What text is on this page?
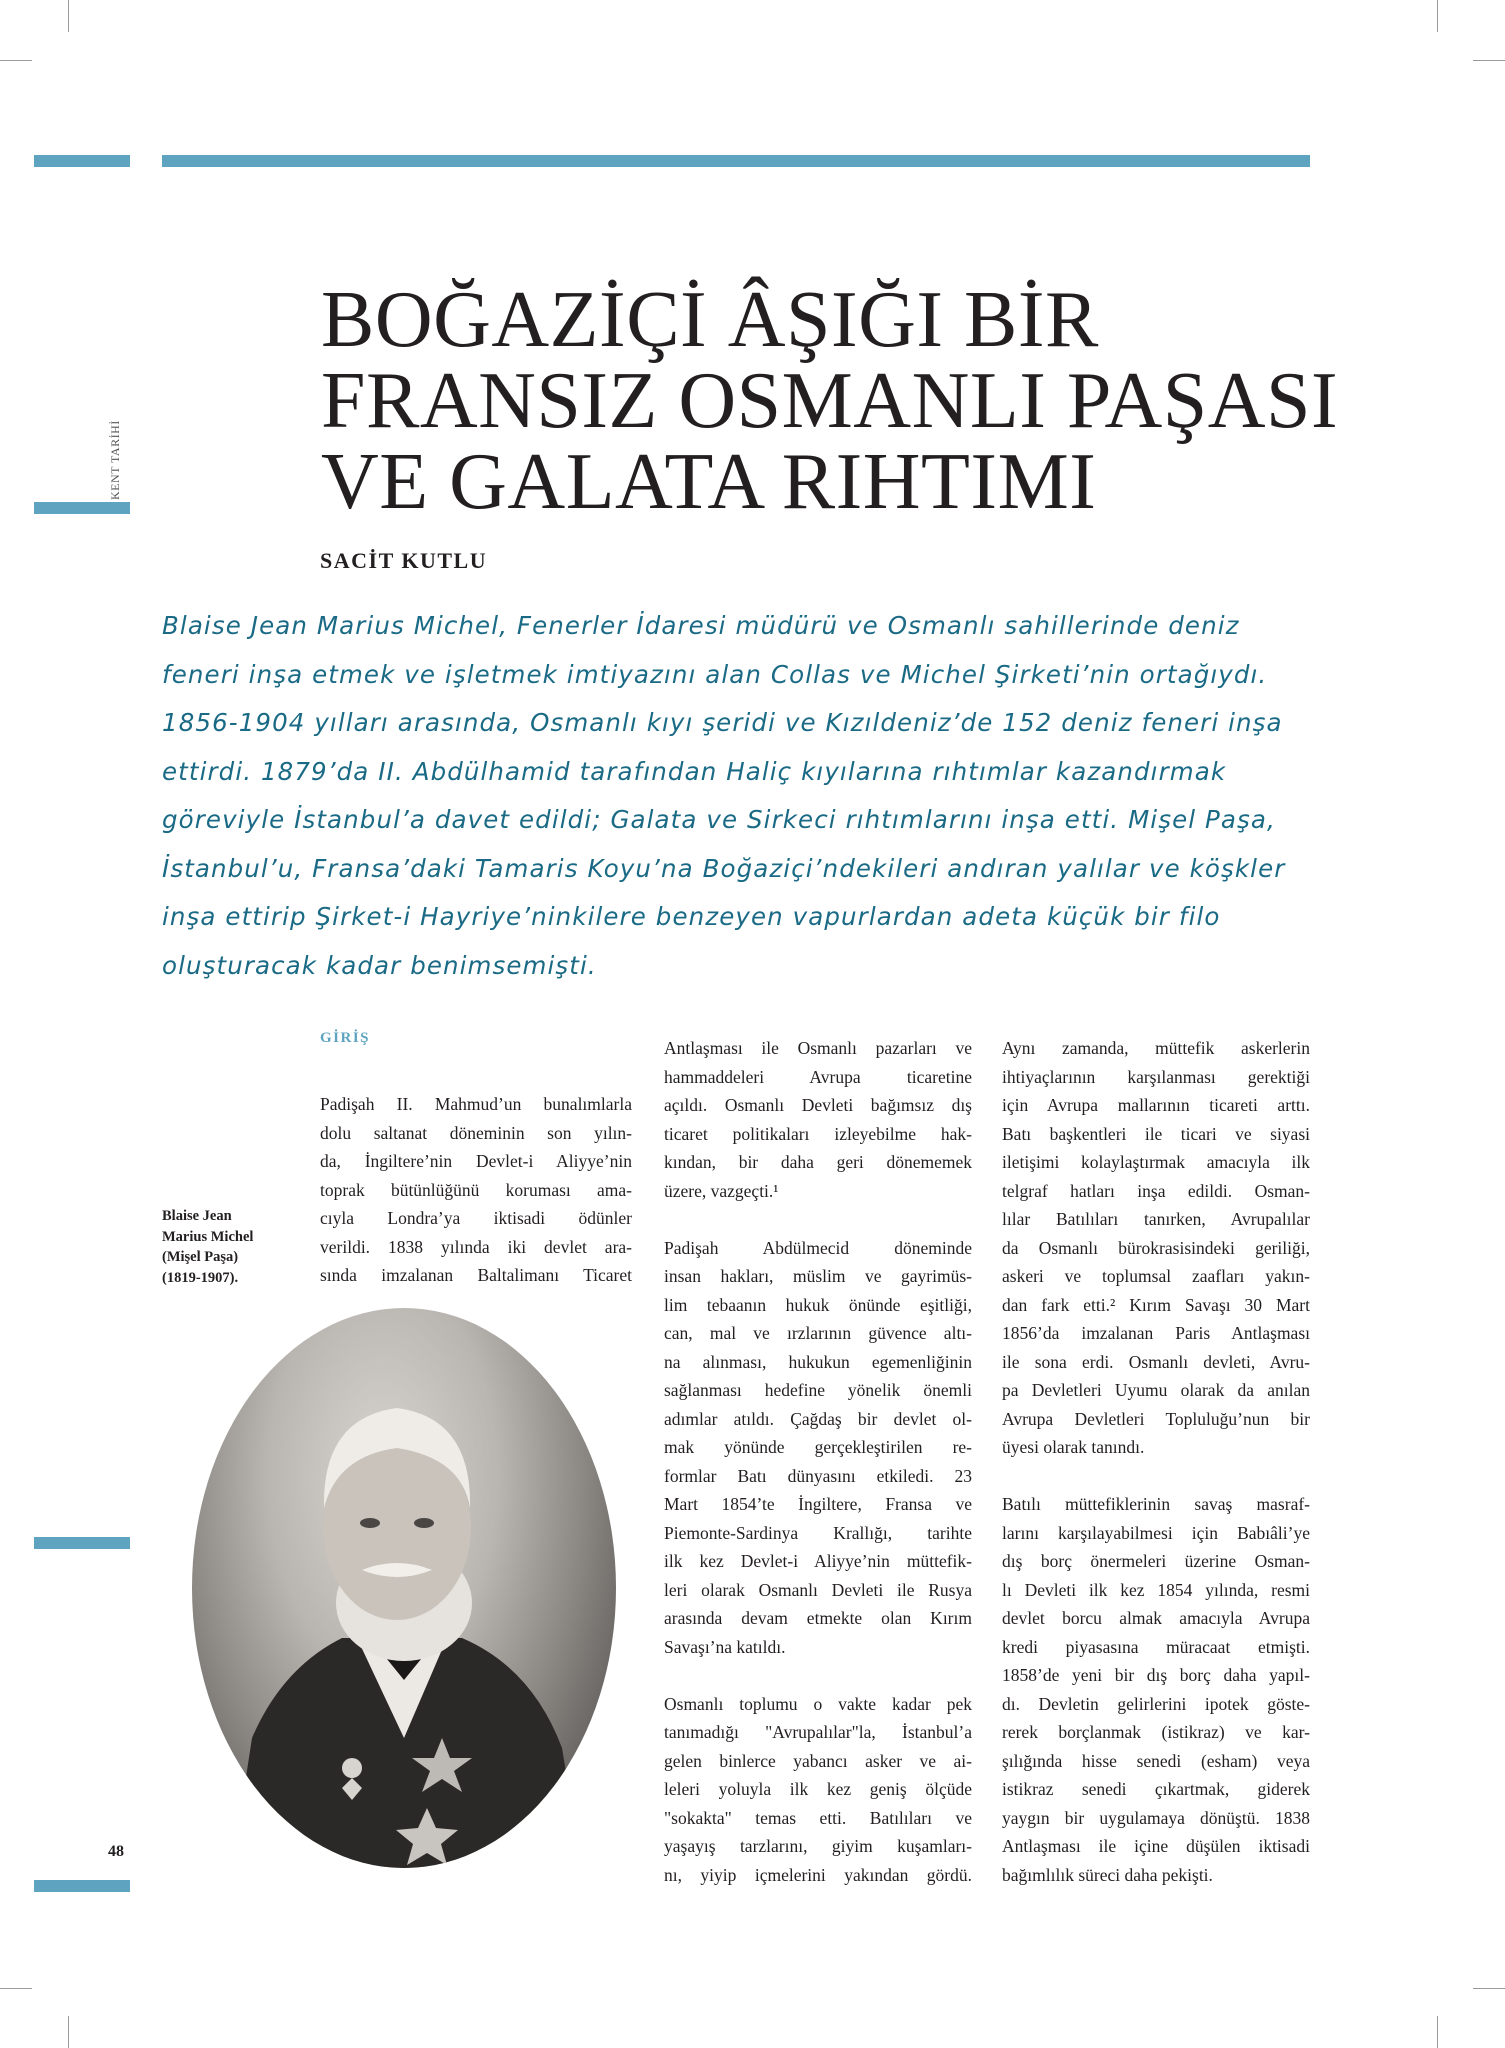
KENT TARİHİ
BOĞAZİÇİ ÂŞIĞI BİR
FRANSIZ OSMANLI PAŞASI
VE GALATA RIHTIMI
SACİT KUTLU
Blaise Jean Marius Michel, Fenerler İdaresi müdürü ve Osmanlı sahillerinde deniz
feneri inşa etmek ve işletmek imtiyazını alan Collas ve Michel Şirketi’nin ortağıydı.
1856-1904 yılları arasında, Osmanlı kıyı şeridi ve Kızıldeniz’de 152 deniz feneri inşa
ettirdi. 1879’da II. Abdülhamid tarafından Haliç kıyılarına rıhtımlar kazandırmak
göreviyle İstanbul’a davet edildi; Galata ve Sirkeci rıhtımlarını inşa etti. Mişel Paşa,
İstanbul’u, Fransa’daki Tamaris Koyu’na Boğaziçi’ndekileri andıran yalılar ve köşkler
inşa ettirip Şirket-i Hayriye’ninkilere benzeyen vapurlardan adeta küçük bir filo
oluşturacak kadar benimsemişti.
GİRİŞ
Padişah II. Mahmud’un bunalımlarla
dolu saltanat döneminin son yılın-
da, İngiltere’nin Devlet-i Aliyye’nin
toprak bütünlüğünü koruması ama-
cıyla Londra’ya iktisadi ödünler
verildi. 1838 yılında iki devlet ara-
sında imzalanan Baltalimanı Ticaret
Blaise Jean
Marius Michel
(Mişel Paşa)
(1819-1907).
Antlaşması ile Osmanlı pazarları ve
hammaddeleri Avrupa ticaretine
açıldı. Osmanlı Devleti bağımsız dış
ticaret politikaları izleyebilme hak-
kından, bir daha geri dönememek
üzere, vazgeçti.¹
Padişah Abdülmecid döneminde
insan hakları, müslim ve gayrimüs-
lim tebaanın hukuk önünde eşitliği,
can, mal ve ırzlarının güvence altı-
na alınması, hukukun egemenliğinin
sağlanması hedefine yönelik önemli
adımlar atıldı. Çağdaş bir devlet ol-
mak yönünde gerçekleştirilen re-
formlar Batı dünyasını etkiledi. 23
Mart 1854’te İngiltere, Fransa ve
Piemonte-Sardinya Krallığı, tarihte
ilk kez Devlet-i Aliyye’nin müttefik-
leri olarak Osmanlı Devleti ile Rusya
arasında devam etmekte olan Kırım
Savaşı’na katıldı.
Osmanlı toplumu o vakte kadar pek
tanımadığı "Avrupalılar"la, İstanbul’a
gelen binlerce yabancı asker ve ai-
leleri yoluyla ilk kez geniş ölçüde
"sokakta" temas etti. Batılıları ve
yaşayış tarzlarını, giyim kuşamları-
nı, yiyip içmelerini yakından gördü.
Aynı zamanda, müttefik askerlerin
ihtiyaçlarının karşılanması gerektiği
için Avrupa mallarının ticareti arttı.
Batı başkentleri ile ticari ve siyasi
iletişimi kolaylaştırmak amacıyla ilk
telgraf hatları inşa edildi. Osman-
lılar Batılıları tanırken, Avrupalılar
da Osmanlı bürokrasisindeki geriliği,
askeri ve toplumsal zaafları yakın-
dan fark etti.² Kırım Savaşı 30 Mart
1856’da imzalanan Paris Antlaşması
ile sona erdi. Osmanlı devleti, Avru-
pa Devletleri Uyumu olarak da anılan
Avrupa Devletleri Topluluğu’nun bir
üyesi olarak tanındı.
Batılı müttefiklerinin savaş masraf-
larını karşılayabilmesi için Babıâli’ye
dış borç önermeleri üzerine Osman-
lı Devleti ilk kez 1854 yılında, resmi
devlet borcu almak amacıyla Avrupa
kredi piyasasına müracaat etmişti.
1858’de yeni bir dış borç daha yapıl-
dı. Devletin gelirlerini ipotek göste-
rerek borçlanmak (istikraz) ve kar-
şılığında hisse senedi (esham) veya
istikraz senedi çıkartmak, giderek
yaygın bir uygulamaya dönüştü. 1838
Antlaşması ile içine düşülen iktisadi
bağımlılık süreci daha pekişti.
48
